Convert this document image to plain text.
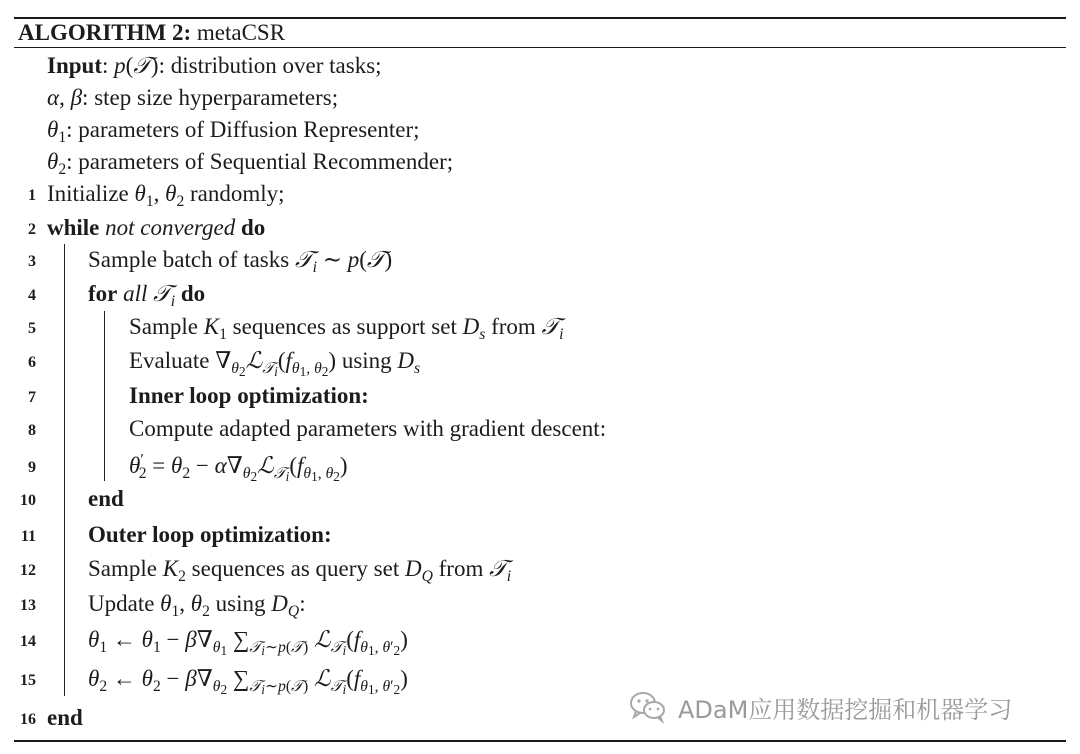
ALGORITHM 2: metaCSR
Input: p(𝒯): distribution over tasks;
α, β: step size hyperparameters;
$\theta_1$: parameters of Diffusion Representer;
$\theta_2$: parameters of Sequential Recommender;
1 Initialize $\theta_1$, $\theta_2$ randomly;
2 while not converged do
3 Sample batch of tasks 𝒯$_i$ ∼ p(𝒯)
4 for all 𝒯$_i$ do
5	Sample $K_1$ sequences as support set $D_s$ from 𝒯$_i$
6	Evaluate $\nabla_{\theta_2}ℒ_{𝒯_i}(f_{\theta_1, \theta_2})$ using $D_s$
7	Inner loop optimization:
8	Compute adapted parameters with gradient descent:
9	$\theta'_2 = \theta_2$ − $\alpha\nabla_{\theta_2}ℒ_{𝒯_i}(f_{\theta_1, \theta_2})$
10 end
11 Outer loop optimization:
12 Sample $K_2$ sequences as query set $D_Q$ from 𝒯$_i$
13 Update $\theta_1$, $\theta_2$ using $D_Q$:
14 $\theta_1$ ← $\theta_1 - \beta\nabla_{\theta_1}$ $\sum_{𝒯_i\sim p(𝒯)}$ $ℒ_{𝒯_i}(f_{\theta_1, \theta'_2})$
15 $\theta_2$ ← $\theta_2 - \beta\nabla_{\theta_2}$ $\sum_{𝒯_i\sim p(𝒯)}$ $ℒ_{𝒯_i}(f_{\theta_1, \theta'_2})$
16 end	ADaM应用数据挖掘和机器学习
